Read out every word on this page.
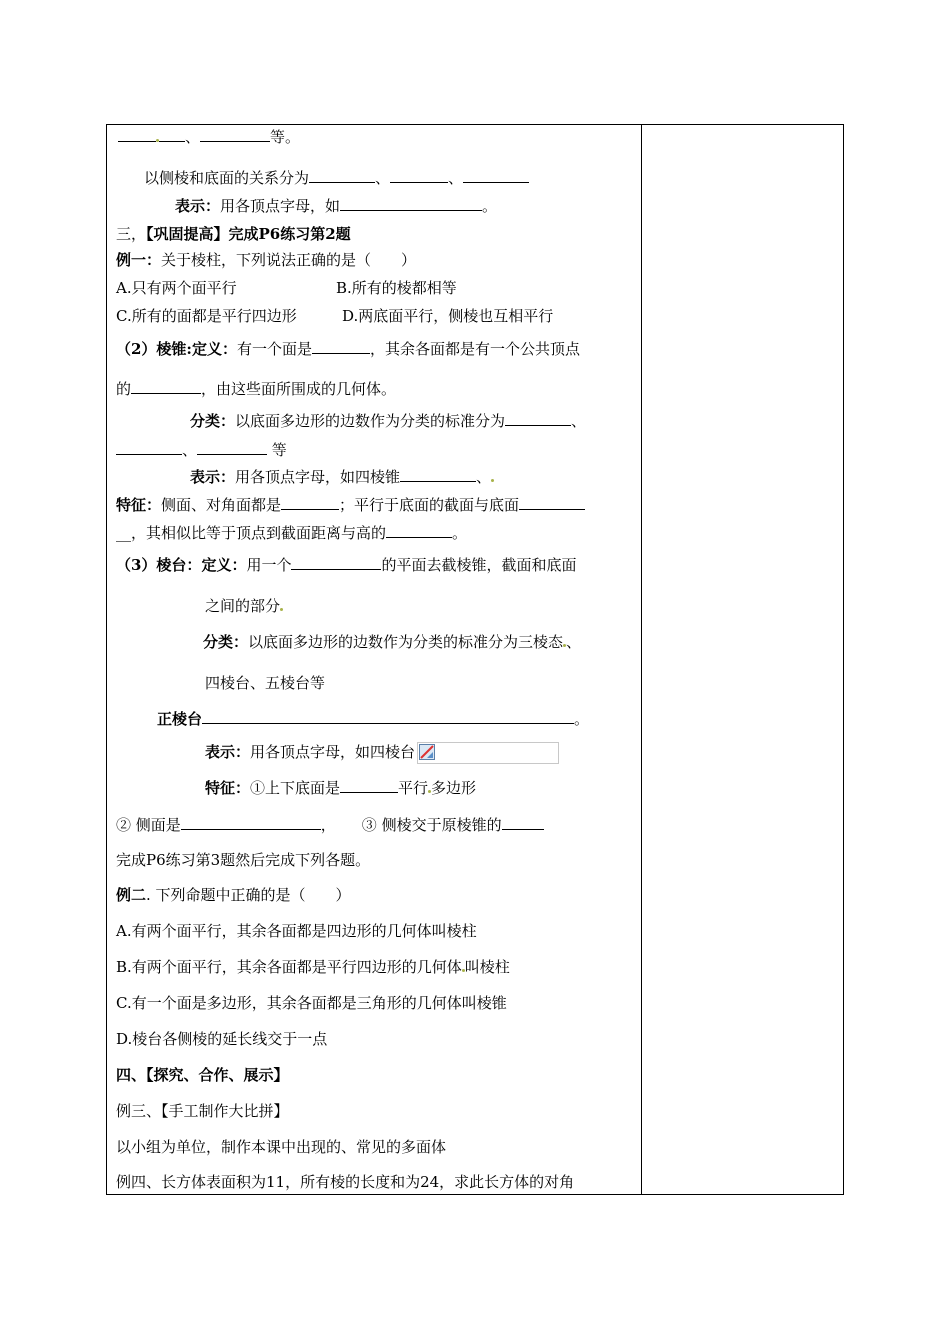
、	等。
以侧棱和底面的关系分为	、	、
表示：用各顶点字母，如	。
三，【巩固提高】完成P6练习第2题
例一：关于棱柱，下列说法正确的是（　　）
A.只有两个面平行	B.所有的棱都相等
C.所有的面都是平行四边形	D.两底面平行，侧棱也互相平行
（2）棱锥:定义：有一个面是	，其余各面都是有一个公共顶点
的	，由这些面所围成的几何体。
分类：以底面多边形的边数作为分类的标准分为	、
、	等
表示：用各顶点字母，如四棱锥	、
特征：侧面、对角面都是	；平行于底面的截面与底面
__，其相似比等于顶点到截面距离与高的	。
（3）棱台：定义：用一个	的平面去截棱锥，截面和底面
之间的部分
分类：以底面多边形的边数作为分类的标准分为三棱态 、
四棱台、五棱台等
正棱台	。
表示：用各顶点字母，如四棱台
特征：①上下底面是	平行 多边形
② 侧面是	， ③ 侧棱交于原棱锥的
完成P6练习第3题然后完成下列各题。
例二. 下列命题中正确的是（　　）
A.有两个面平行，其余各面都是四边形的几何体叫棱柱
B.有两个面平行，其余各面都是平行四边形的几何体 叫棱柱
C.有一个面是多边形，其余各面都是三角形的几何体叫棱锥
D.棱台各侧棱的延长线交于一点
四、【探究、合作、展示】
例三、【手工制作大比拼】
以小组为单位，制作本课中出现的、常见的多面体
例四、长方体表面积为11，所有棱的长度和为24，求此长方体的对角
